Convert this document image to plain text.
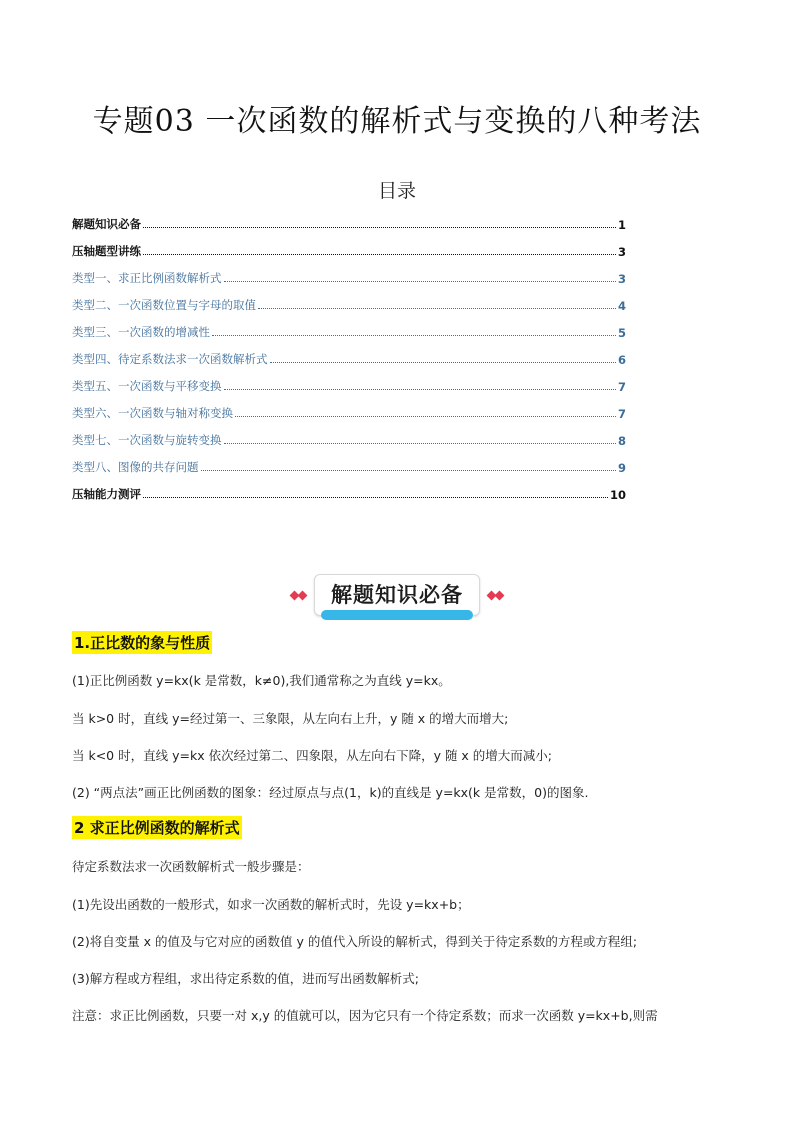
专题03 一次函数的解析式与变换的八种考法
目录
解题知识必备	1
压轴题型讲练	3
类型一、求正比例函数解析式	3
类型二、一次函数位置与字母的取值	4
类型三、一次函数的增减性	5
类型四、待定系数法求一次函数解析式	6
类型五、一次函数与平移变换	7
类型六、一次函数与轴对称变换	7
类型七、一次函数与旋转变换	8
类型八、图像的共存问题	9
压轴能力测评	10
解题知识必备
1.正比数的象与性质
(1)正比例函数 y=kx(k 是常数，k≠0),我们通常称之为直线 y=kx。
当 k>0 时，直线 y=经过第一、三象限，从左向右上升，y 随 x 的增大而增大;
当 k<0 时，直线 y=kx 依次经过第二、四象限，从左向右下降，y 随 x 的增大而减小;
(2) “两点法”画正比例函数的图象：经过原点与点(1，k)的直线是 y=kx(k 是常数，0)的图象.
2 求正比例函数的解析式
待定系数法求一次函数解析式一般步骤是：
(1)先设出函数的一般形式，如求一次函数的解析式时，先设 y=kx+b；
(2)将自变量 x 的值及与它对应的函数值 y 的值代入所设的解析式，得到关于待定系数的方程或方程组;
(3)解方程或方程组，求出待定系数的值，进而写出函数解析式;
注意：求正比例函数，只要一对 x,y 的值就可以，因为它只有一个待定系数；而求一次函数 y=kx+b,则需
